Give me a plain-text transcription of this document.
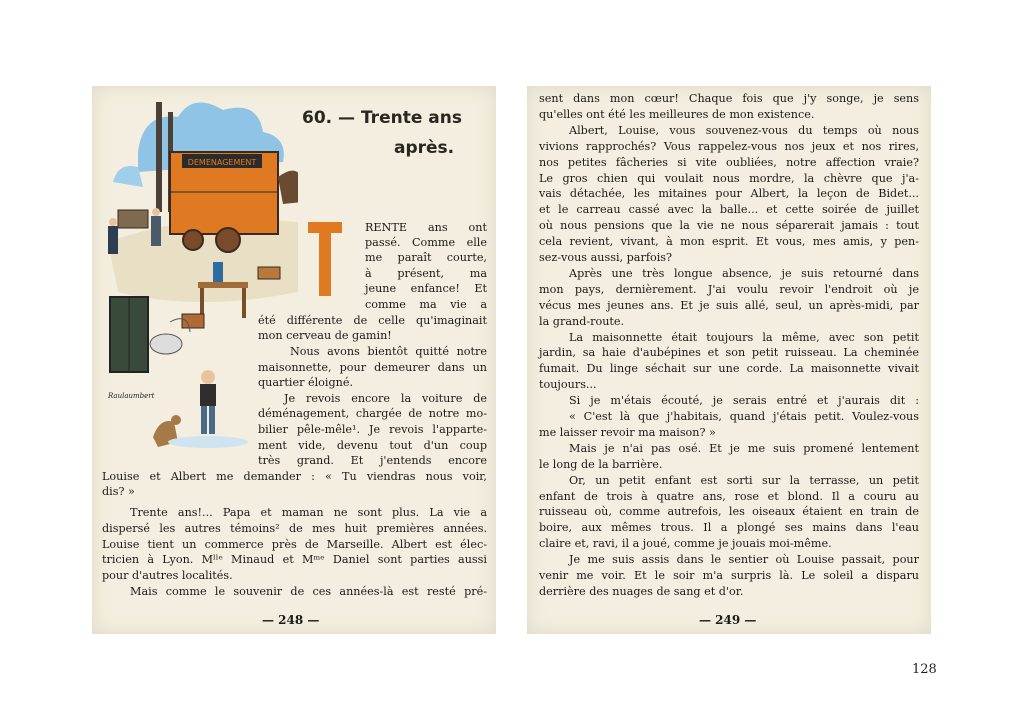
DEMENAGEMENT
Raulaumbert
60. — Trente ans
après.
RENTE ans ont
passé. Comme elle
me paraît courte,
à présent, ma
jeune enfance! Et
comme ma vie a
été différente de celle qu'imaginait
mon cerveau de gamin!
Nous avons bientôt quitté notre
maisonnette, pour demeurer dans un
quartier éloigné.
Je revois encore la voiture de
déménagement, chargée de notre mo-
bilier pêle-mêle¹. Je revois l'apparte-
ment vide, devenu tout d'un coup
très grand. Et j'entends encore
Louise et Albert me demander : « Tu viendras nous voir,
dis? »
Trente ans!... Papa et maman ne sont plus. La vie a
dispersé les autres témoins² de mes huit premières années.
Louise tient un commerce près de Marseille. Albert est élec-
tricien à Lyon. Mˡˡᵉ Minaud et Mᵐᵉ Daniel sont parties aussi
pour d'autres localités.
Mais comme le souvenir de ces années-là est resté pré-
— 248 —
sent dans mon cœur! Chaque fois que j'y songe, je sens
qu'elles ont été les meilleures de mon existence.
Albert, Louise, vous souvenez-vous du temps où nous
vivions rapprochés? Vous rappelez-vous nos jeux et nos rires,
nos petites fâcheries si vite oubliées, notre affection vraie?
Le gros chien qui voulait nous mordre, la chèvre que j'a-
vais détachée, les mitaines pour Albert, la leçon de Bidet...
et le carreau cassé avec la balle... et cette soirée de juillet
où nous pensions que la vie ne nous séparerait jamais : tout
cela revient, vivant, à mon esprit. Et vous, mes amis, y pen-
sez-vous aussi, parfois?
Après une très longue absence, je suis retourné dans
mon pays, dernièrement. J'ai voulu revoir l'endroit où je
vécus mes jeunes ans. Et je suis allé, seul, un après-midi, par
la grand-route.
La maisonnette était toujours la même, avec son petit
jardin, sa haie d'aubépines et son petit ruisseau. La cheminée
fumait. Du linge séchait sur une corde. La maisonnette vivait
toujours...
Si je m'étais écouté, je serais entré et j'aurais dit :
« C'est là que j'habitais, quand j'étais petit. Voulez-vous
me laisser revoir ma maison? »
Mais je n'ai pas osé. Et je me suis promené lentement
le long de la barrière.
Or, un petit enfant est sorti sur la terrasse, un petit
enfant de trois à quatre ans, rose et blond. Il a couru au
ruisseau où, comme autrefois, les oiseaux étaient en train de
boire, aux mêmes trous. Il a plongé ses mains dans l'eau
claire et, ravi, il a joué, comme je jouais moi-même.
Je me suis assis dans le sentier où Louise passait, pour
venir me voir. Et le soir m'a surpris là. Le soleil a disparu
derrière des nuages de sang et d'or.
— 249 —
128
